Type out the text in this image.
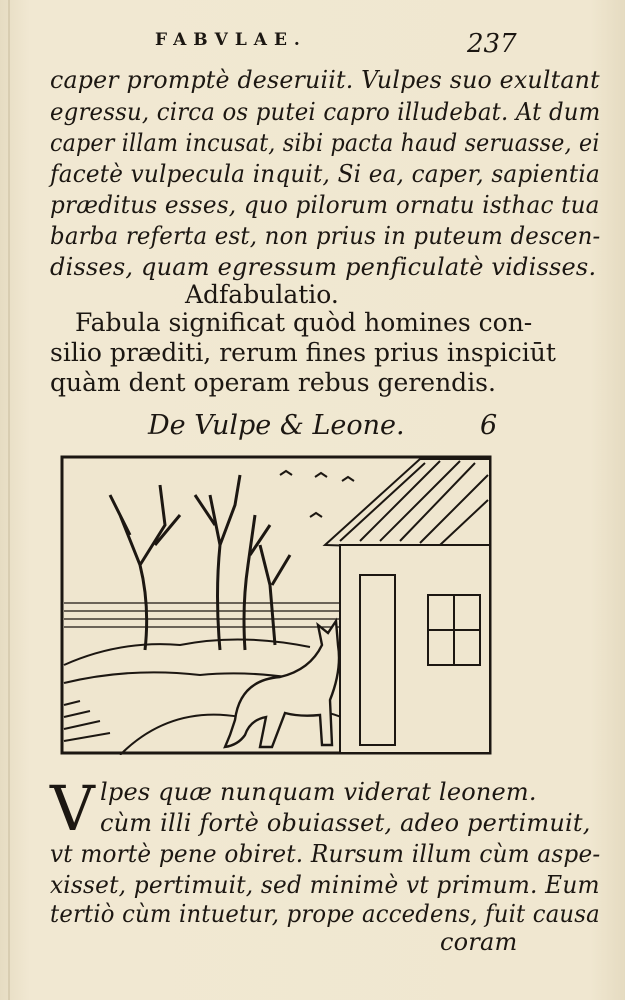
FABVLAE.	237
caper promptè deseruiit. Vulpes suo exultant
egressu, circa os putei capro illudebat. At dum
caper illam incusat, sibi pacta haud seruasse, ei
facetè vulpecula inquit, Si ea, caper, sapientia
præditus esses, quo pilorum ornatu isthac tua
barba referta est, non prius in puteum descen-
disses, quam egressum penficulatè vidisses.
Adfabulatio.
Fabula significat quòd homines con-
silio præditi, rerum fines prius inspiciūt
quàm dent operam rebus gerendis.
De Vulpe & Leone.	6
V lpes quæ nunquam viderat leonem.
cùm illi fortè obuiasset, adeo pertimuit,
vt mortè pene obiret. Rursum illum cùm aspe-
xisset, pertimuit, sed minimè vt primum. Eum
tertiò cùm intuetur, prope accedens, fuit causa
coram
